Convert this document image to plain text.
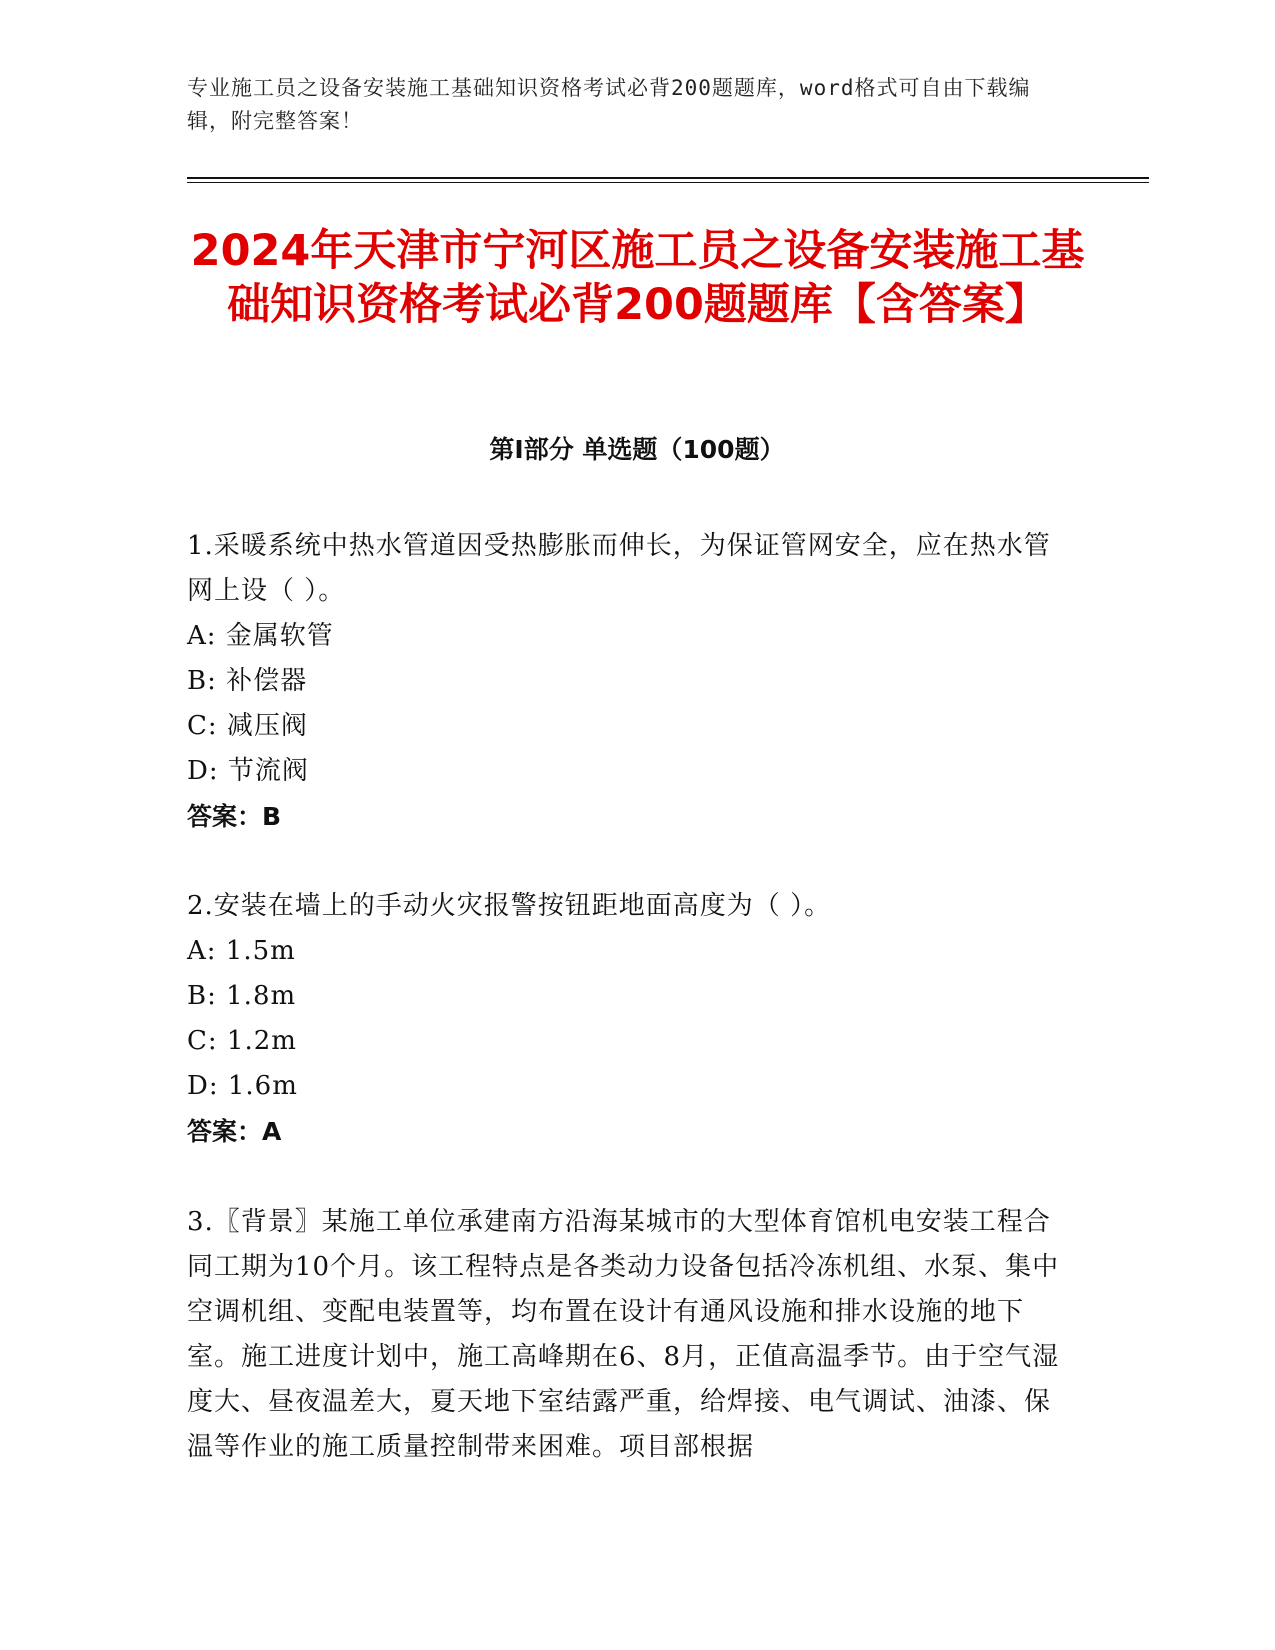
专业施工员之设备安装施工基础知识资格考试必背200题题库，word格式可自由下载编辑，附完整答案！
2024年天津市宁河区施工员之设备安装施工基础知识资格考试必背200题题库【含答案】
第Ⅰ部分 单选题（100题）
1.采暖系统中热水管道因受热膨胀而伸长，为保证管网安全，应在热水管网上设（ ）。
A: 金属软管
B: 补偿器
C: 减压阀
D: 节流阀
答案：B
2.安装在墙上的手动火灾报警按钮距地面高度为（ ）。
A: 1.5m
B: 1.8m
C: 1.2m
D: 1.6m
答案：A
3.〖背景〗某施工单位承建南方沿海某城市的大型体育馆机电安装工程合同工期为10个月。该工程特点是各类动力设备包括冷冻机组、水泵、集中空调机组、变配电装置等，均布置在设计有通风设施和排水设施的地下室。施工进度计划中，施工高峰期在6、8月，正值高温季节。由于空气湿度大、昼夜温差大，夏天地下室结露严重，给焊接、电气调试、油漆、保温等作业的施工质量控制带来困难。项目部根据
